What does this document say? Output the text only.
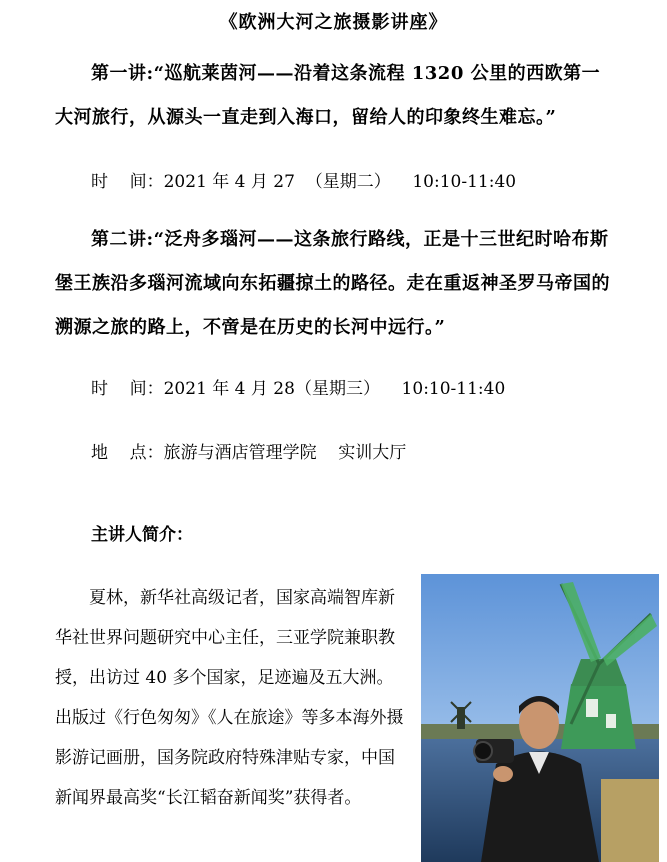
《欧洲大河之旅摄影讲座》
第一讲:“巡航莱茵河——沿着这条流程 1320 公里的西欧第一大河旅行，从源头一直走到入海口，留给人的印象终生难忘。”
时    间：2021 年 4 月 27  （星期二）    10:10-11:40
第二讲:“泛舟多瑙河——这条旅行路线，正是十三世纪时哈布斯堡王族沿多瑙河流域向东拓疆掠土的路径。走在重返神圣罗马帝国的溯源之旅的路上，不啻是在历史的长河中远行。”
时    间：2021 年 4 月 28（星期三）    10:10-11:40
地    点：旅游与酒店管理学院    实训大厅
主讲人简介：
夏林，新华社高级记者，国家高端智库新华社世界问题研究中心主任，三亚学院兼职教授，出访过 40 多个国家，足迹遍及五大洲。出版过《行色匆匆》《人在旅途》等多本海外摄影游记画册，国务院政府特殊津贴专家，中国新闻界最高奖“长江韬奋新闻奖”获得者。
